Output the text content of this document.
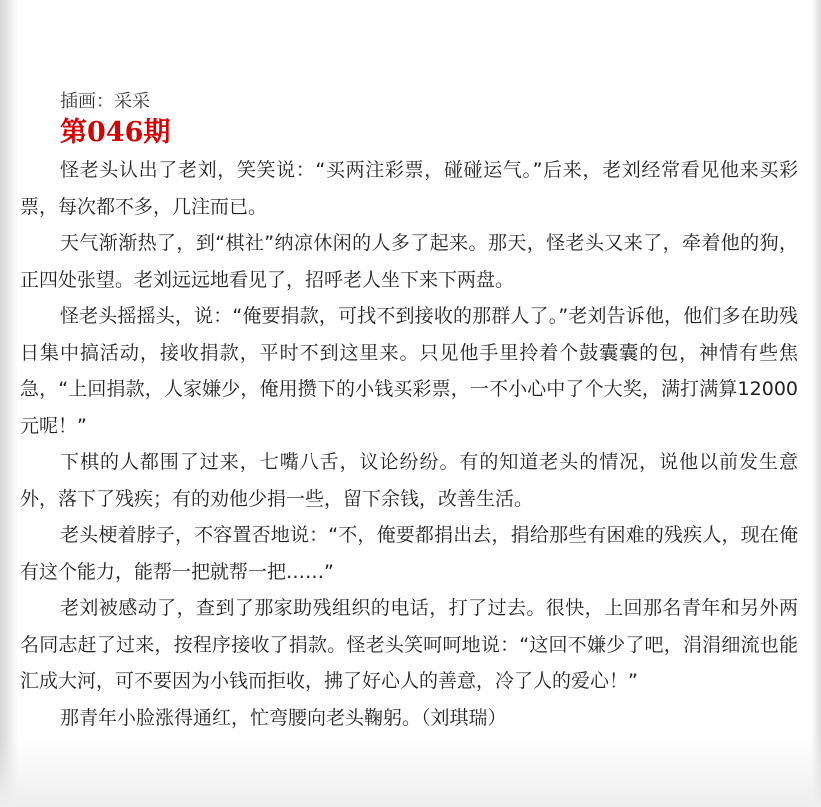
插画：采采
第046期

怪老头认出了老刘，笑笑说：“买两注彩票，碰碰运气。”后来，老刘经常看见他来买彩票，每次都不多，几注而已。

天气渐渐热了，到“棋社”纳凉休闲的人多了起来。那天，怪老头又来了，牵着他的狗，正四处张望。老刘远远地看见了，招呼老人坐下来下两盘。

怪老头摇摇头，说：“俺要捐款，可找不到接收的那群人了。”老刘告诉他，他们多在助残日集中搞活动，接收捐款，平时不到这里来。只见他手里拎着个鼓囊囊的包，神情有些焦急，“上回捐款，人家嫌少，俺用攒下的小钱买彩票，一不小心中了个大奖，满打满算12000元呢！”

下棋的人都围了过来，七嘴八舌，议论纷纷。有的知道老头的情况，说他以前发生意外，落下了残疾；有的劝他少捐一些，留下余钱，改善生活。

老头梗着脖子，不容置否地说：“不，俺要都捐出去，捐给那些有困难的残疾人，现在俺有这个能力，能帮一把就帮一把……”

老刘被感动了，查到了那家助残组织的电话，打了过去。很快，上回那名青年和另外两名同志赶了过来，按程序接收了捐款。怪老头笑呵呵地说：“这回不嫌少了吧，涓涓细流也能汇成大河，可不要因为小钱而拒收，拂了好心人的善意，冷了人的爱心！”

那青年小脸涨得通红，忙弯腰向老头鞠躬。（刘琪瑞）
